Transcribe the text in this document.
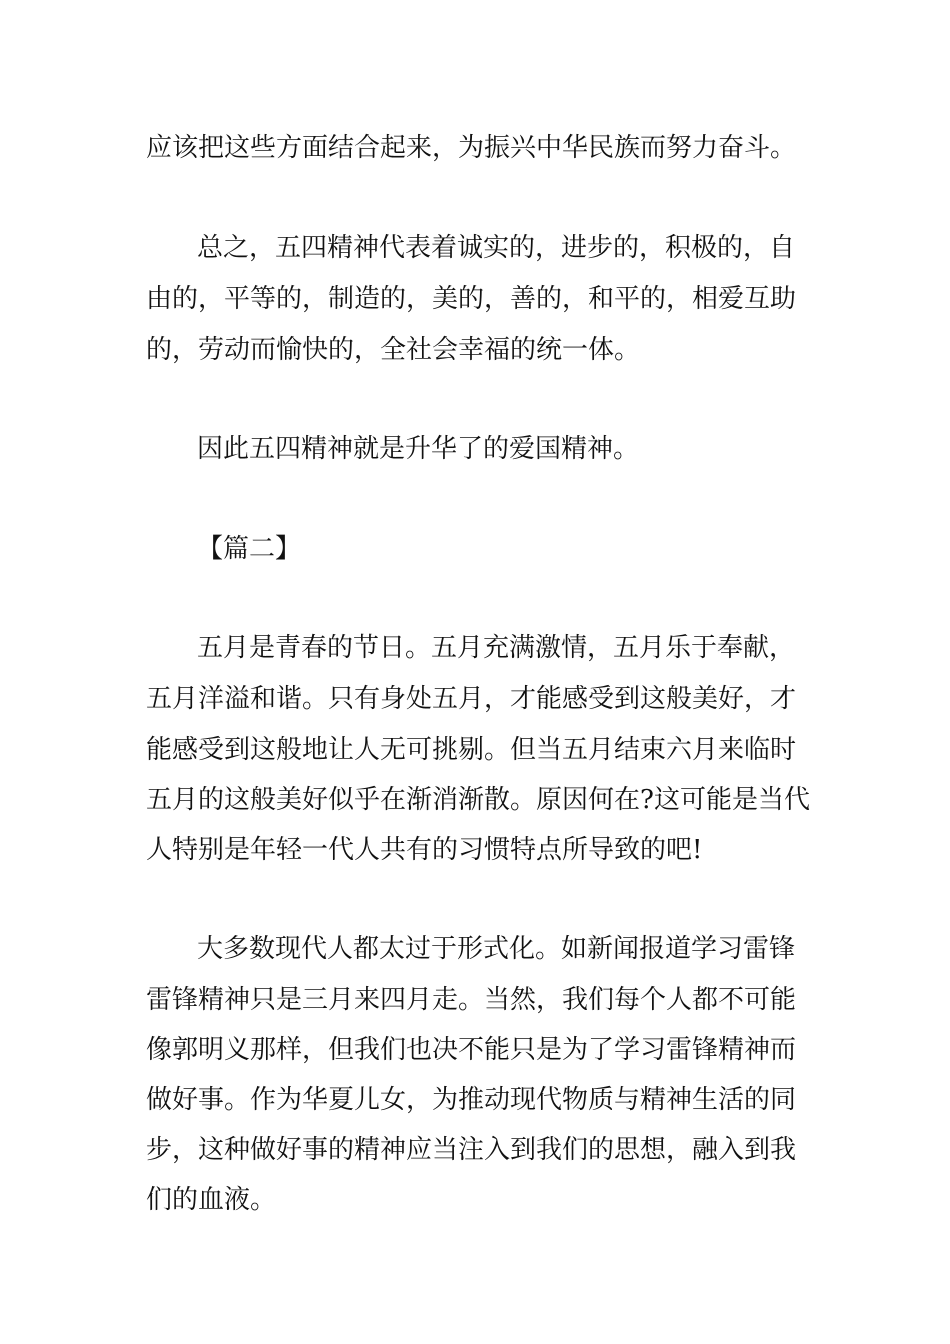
应该把这些方面结合起来，为振兴中华民族而努力奋斗。

总之，五四精神代表着诚实的，进步的，积极的，自

由的，平等的，制造的，美的，善的，和平的，相爱互助

的，劳动而愉快的，全社会幸福的统一体。

因此五四精神就是升华了的爱国精神。

【篇二】

五月是青春的节日。五月充满激情，五月乐于奉献，

五月洋溢和谐。只有身处五月，才能感受到这般美好，才

能感受到这般地让人无可挑剔。但当五月结束六月来临时

五月的这般美好似乎在渐消渐散。原因何在?这可能是当代

人特别是年轻一代人共有的习惯特点所导致的吧!

大多数现代人都太过于形式化。如新闻报道学习雷锋

雷锋精神只是三月来四月走。当然，我们每个人都不可能

像郭明义那样，但我们也决不能只是为了学习雷锋精神而

做好事。作为华夏儿女，为推动现代物质与精神生活的同

步，这种做好事的精神应当注入到我们的思想，融入到我

们的血液。
